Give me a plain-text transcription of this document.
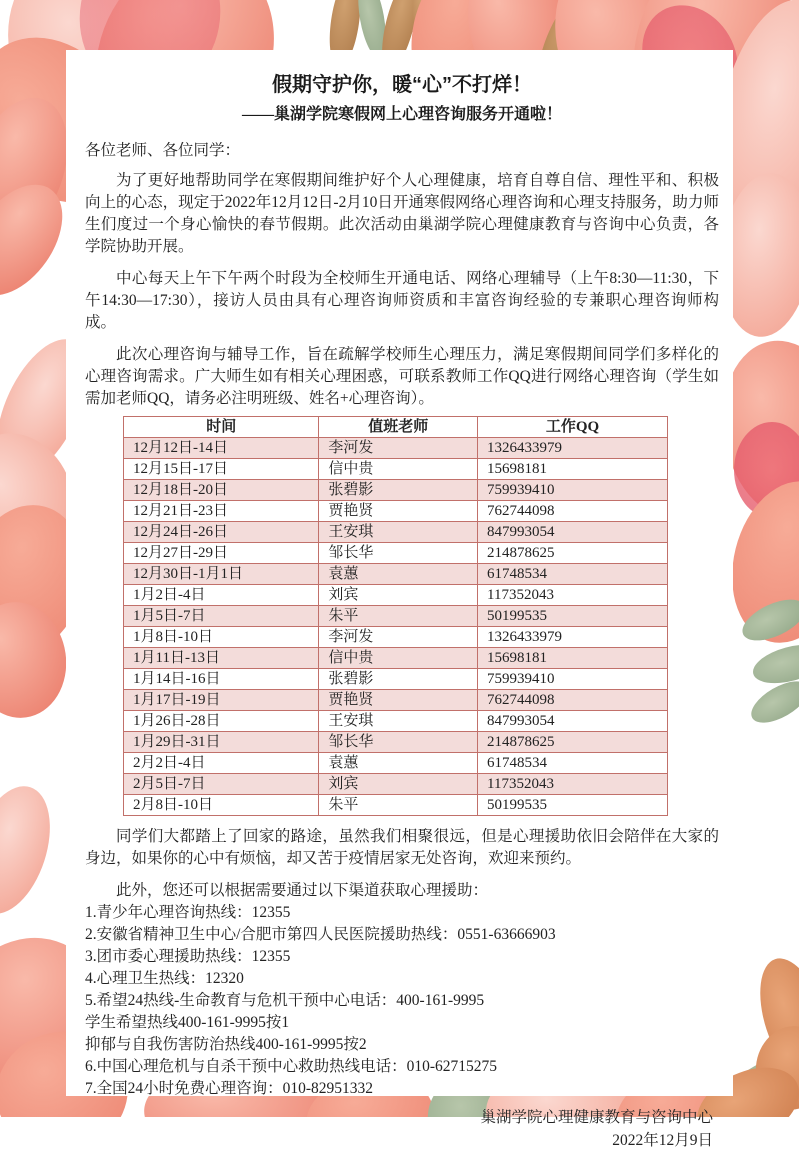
假期守护你，暖“心”不打烊！
——巢湖学院寒假网上心理咨询服务开通啦！
各位老师、各位同学：

为了更好地帮助同学在寒假期间维护好个人心理健康，培育自尊自信、理性平和、积极向上的心态，现定于2022年12月12日-2月10日开通寒假网络心理咨询和心理支持服务，助力师生们度过一个身心愉快的春节假期。此次活动由巢湖学院心理健康教育与咨询中心负责，各学院协助开展。

中心每天上午下午两个时段为全校师生开通电话、网络心理辅导（上午8:30—11:30，下午14:30—17:30），接访人员由具有心理咨询师资质和丰富咨询经验的专兼职心理咨询师构成。

此次心理咨询与辅导工作，旨在疏解学校师生心理压力，满足寒假期间同学们多样化的心理咨询需求。广大师生如有相关心理困惑，可联系教师工作QQ进行网络心理咨询（学生如需加老师QQ，请务必注明班级、姓名+心理咨询）。

时间	值班老师	工作QQ
12月12日-14日	李河发	1326433979
12月15日-17日	信中贵	15698181
12月18日-20日	张碧影	759939410
12月21日-23日	贾艳贤	762744098
12月24日-26日	王安琪	847993054
12月27日-29日	邹长华	214878625
12月30日-1月1日	袁蕙	61748534
1月2日-4日	刘宾	117352043
1月5日-7日	朱平	50199535
1月8日-10日	李河发	1326433979
1月11日-13日	信中贵	15698181
1月14日-16日	张碧影	759939410
1月17日-19日	贾艳贤	762744098
1月26日-28日	王安琪	847993054
1月29日-31日	邹长华	214878625
2月2日-4日	袁蕙	61748534
2月5日-7日	刘宾	117352043
2月8日-10日	朱平	50199535

同学们大都踏上了回家的路途，虽然我们相聚很远，但是心理援助依旧会陪伴在大家的身边，如果你的心中有烦恼，却又苦于疫情居家无处咨询，欢迎来预约。

此外，您还可以根据需要通过以下渠道获取心理援助：
1.青少年心理咨询热线：12355
2.安徽省精神卫生中心/合肥市第四人民医院援助热线：0551-63666903
3.团市委心理援助热线：12355
4.心理卫生热线：12320
5.希望24热线-生命教育与危机干预中心电话：400-161-9995
学生希望热线400-161-9995按1
抑郁与自我伤害防治热线400-161-9995按2
6.中国心理危机与自杀干预中心救助热线电话：010-62715275
7.全国24小时免费心理咨询：010-82951332
巢湖学院心理健康教育与咨询中心
2022年12月9日
